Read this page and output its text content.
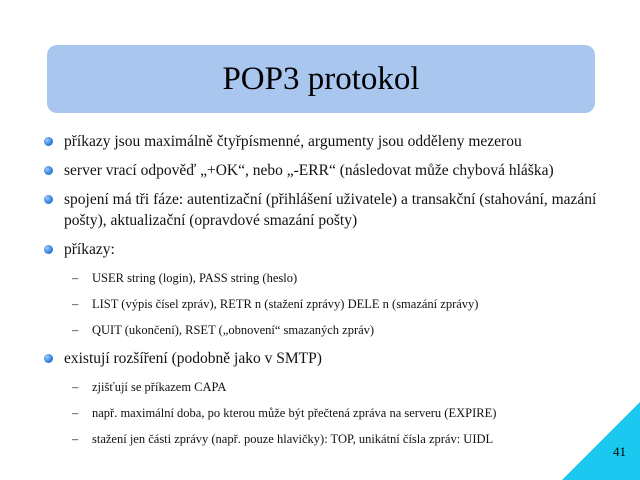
POP3 protokol
příkazy jsou maximálně čtyřpísmenné, argumenty jsou odděleny mezerou
server vrací odpověď „+OK“, nebo „-ERR“ (následovat může chybová hláška)
spojení má tři fáze: autentizační (přihlášení uživatele) a transakční (stahování, mazání pošty), aktualizační (opravdové smazání pošty)
příkazy:
– USER string (login), PASS string (heslo)
– LIST (výpis čísel zpráv), RETR n (stažení zprávy) DELE n (smazání zprávy)
– QUIT (ukončení), RSET („obnovení“ smazaných zpráv)
existují rozšíření (podobně jako v SMTP)
– zjišťují se příkazem CAPA
– např. maximální doba, po kterou může být přečtená zpráva na serveru (EXPIRE)
– stažení jen části zprávy (např. pouze hlavičky): TOP, unikátní čísla zpráv: UIDL
41
